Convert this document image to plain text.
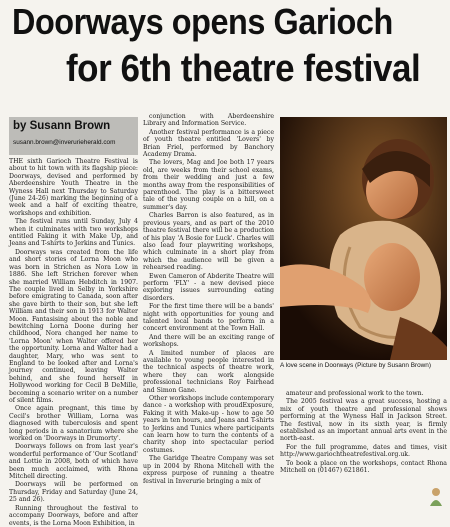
Doorways opens Garioch
for 6th theatre festival
by Susann Brown
susann.brown@inverurieherald.com

THE sixth Garioch Theatre Festival is about to hit town with its flagship piece: Doorways, devised and performed by Aberdeenshire Youth Theatre in the Wyness Hall next Thursday to Saturday (June 24-26) marking the beginning of a week and a half of exciting theatre, workshops and exhibition.

The festival runs until Sunday, July 4 when it culminates with two workshops entitled Faking it with Make Up, and Jeans and T-shirts to Jerkins and Tunics.

Doorways was created from the life and short stories of Lorna Moon who was born in Strichen as Nora Low in 1886. She left Strichen forever when she married William Hebditch in 1907. The couple lived in Selby in Yorkshire before emigrating to Canada, soon after she gave birth to their son, but she left William and their son in 1913 for Walter Moon. Fantasising about the noble and bewitching Lorna Doone during her childhood, Nora changed her name to 'Lorna Moon' when Walter offered her the opportunity. Lorna and Walter had a daughter, Mary, who was sent to England to be looked after and Lorna's journey continued, leaving Walter behind, and she found herself in Hollywood working for Cecil B DeMille, becoming a scenario writer on a number of silent films.

Once again pregnant, this time by Cecil's brother William, Lorna was diagnosed with tuberculosis and spent long periods in a sanatorium where she worked on 'Doorways in Drumorty'.

Doorways follows on from last year's wonderful performance of 'Our Scotland' and Lottie in 2008, both of which have been much acclaimed, with Rhona Mitchell directing.

Doorways will be performed on Thursday, Friday and Saturday (June 24, 25 and 26).

Running throughout the festival to accompany Doorways, before and after events, is the Lorna Moon Exhibition, in

conjunction with Aberdeenshire Library and Information Service.

Another festival performance is a piece of youth theatre entitled 'Lovers' by Brian Friel, performed by Banchory Academy Drama.

The lovers, Mag and Joe both 17 years old, are weeks from their school exams, from their wedding and just a few months away from the responsibilities of parenthood. The play is a bittersweet tale of the young couple on a hill, on a summer's day.

Charles Barron is also featured, as in previous years, and as part of the 2010 theatre festival there will be a production of his play 'A Bosie for Luck'. Charles will also lead four playwriting workshops, which culminate in a short play from which the audience will be given a rehearsed reading.

Ewen Cameron of Abderite Theatre will perform 'FLY' - a new devised piece exploring issues surrounding eating disorders.

For the first time there will be a bands' night with opportunities for young and talented local bands to perform in a concert environment at the Town Hall.

And there will be an exciting range of workshops.

A limited number of places are available to young people interested in the technical aspects of theatre work, where they can work alongside professional technicians Roy Fairhead and Simon Gane.

Other workshops include contemporary dance - a workshop with proudExposure, Faking it with Make-up - how to age 50 years in ten hours, and Jeans and T-shirts to Jerkins and Tunics where participants can learn how to turn the contents of a charity shop into spectacular period costumes.

The Garidge Theatre Company was set up in 2004 by Rhona Mitchell with the express purpose of running a theatre festival in Inverurie bringing a mix of

A love scene in Doorways (Picture by Susann Brown)

amateur and professional work to the town.

The 2005 festival was a great success, hosting a mix of youth theatre and professional shows performing at the Wyness Hall in Jackson Street. The festival, now in its sixth year, is firmly established as an important annual arts event in the north-east.

For the full programme, dates and times, visit http://www.gariochtheatrefestival.org.uk.

To book a place on the workshops, contact Rhona Mitchell on (01467) 621861.
